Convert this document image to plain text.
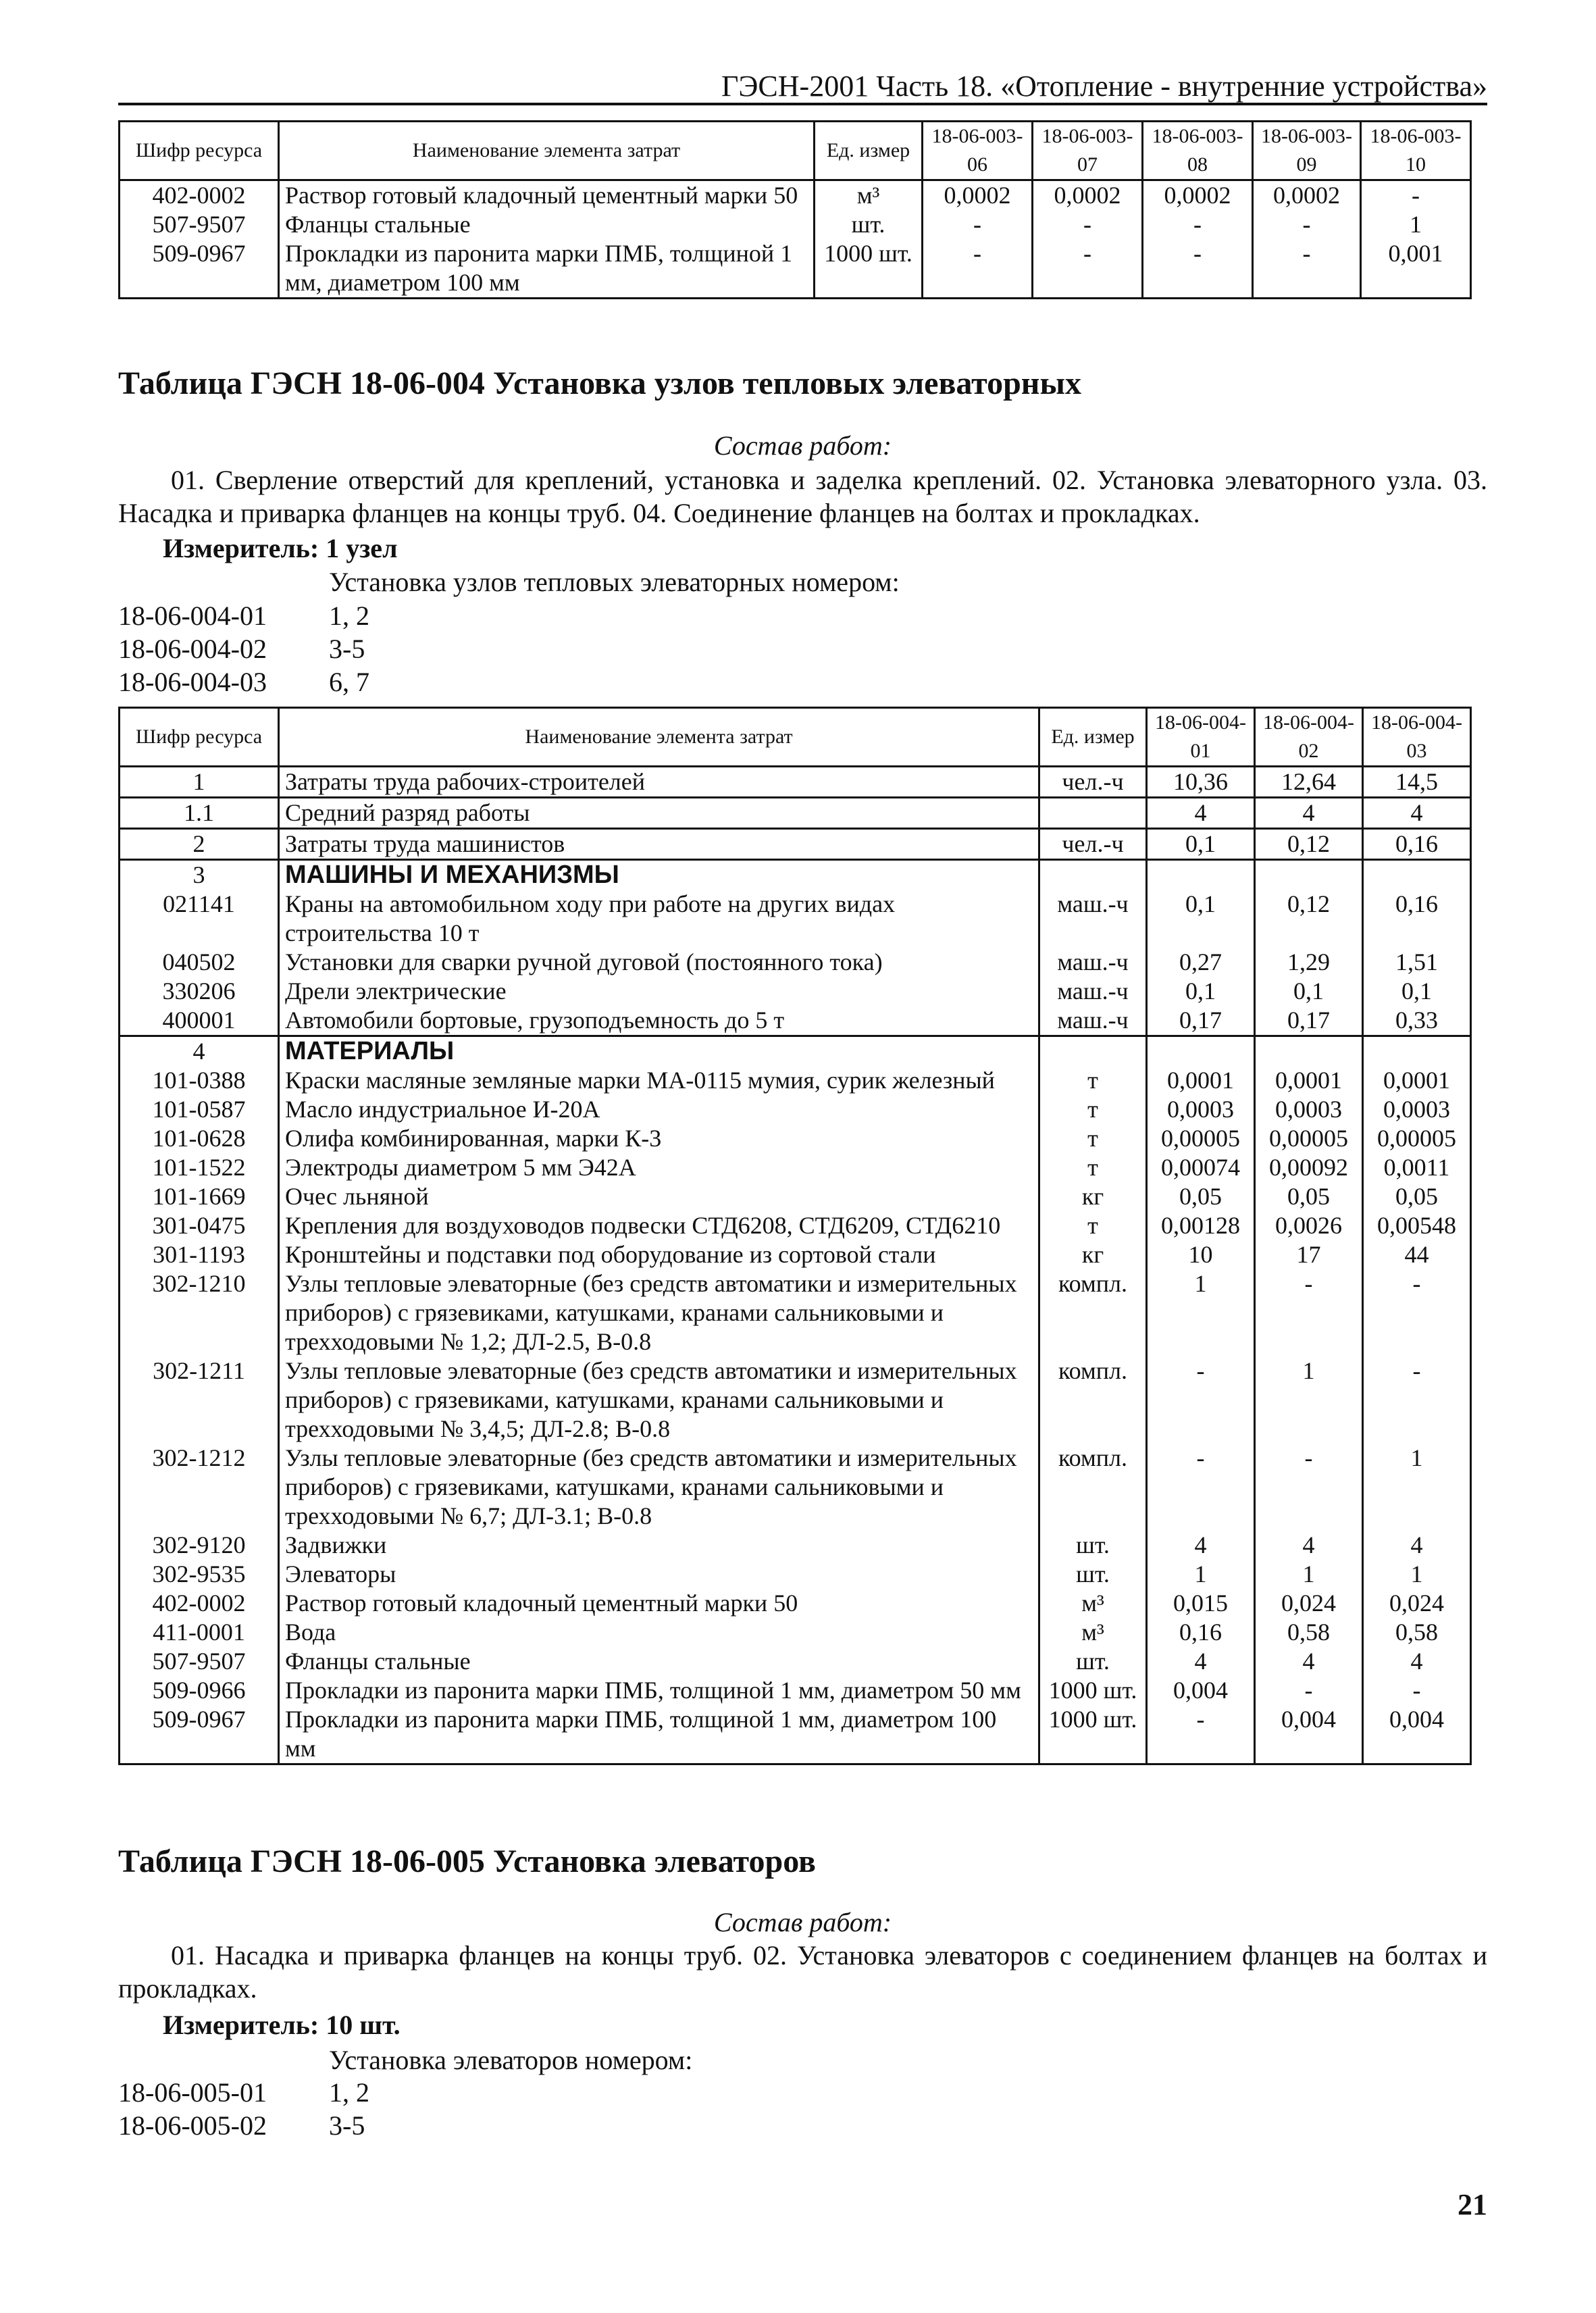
ГЭСН-2001 Часть 18. «Отопление - внутренние устройства»
Шифр ресурса	Наименование элемента затрат	Ед. измер	18-06-003-06	18-06-003-07	18-06-003-08	18-06-003-09	18-06-003-10
402-0002	Раствор готовый кладочный цементный марки 50	м³	0,0002	0,0002	0,0002	0,0002	-
507-9507	Фланцы стальные	шт.	-	-	-	-	1
509-0967	Прокладки из паронита марки ПМБ, толщиной 1 мм, диаметром 100 мм	1000 шт.	-	-	-	-	0,001
Таблица ГЭСН 18-06-004 Установка узлов тепловых элеваторных
Состав работ:
01. Сверление отверстий для креплений, установка и заделка креплений. 02. Установка элеваторного узла. 03. Насадка и приварка фланцев на концы труб. 04. Соединение фланцев на болтах и прокладках.
Измеритель: 1 узел
Установка узлов тепловых элеваторных номером:
18-06-004-01 1, 2
18-06-004-02 3-5
18-06-004-03 6, 7
Шифр ресурса	Наименование элемента затрат	Ед. измер	18-06-004-01	18-06-004-02	18-06-004-03
1	Затраты труда рабочих-строителей	чел.-ч	10,36	12,64	14,5
1.1	Средний разряд работы		4	4	4
2	Затраты труда машинистов	чел.-ч	0,1	0,12	0,16
3	МАШИНЫ И МЕХАНИЗМЫ				
021141	Краны на автомобильном ходу при работе на других видах строительства 10 т	маш.-ч	0,1	0,12	0,16
040502	Установки для сварки ручной дуговой (постоянного тока)	маш.-ч	0,27	1,29	1,51
330206	Дрели электрические	маш.-ч	0,1	0,1	0,1
400001	Автомобили бортовые, грузоподъемность до 5 т	маш.-ч	0,17	0,17	0,33
4	МАТЕРИАЛЫ				
101-0388	Краски масляные земляные марки МА-0115 мумия, сурик железный	т	0,0001	0,0001	0,0001
101-0587	Масло индустриальное И-20А	т	0,0003	0,0003	0,0003
101-0628	Олифа комбинированная, марки К-3	т	0,00005	0,00005	0,00005
101-1522	Электроды диаметром 5 мм Э42А	т	0,00074	0,00092	0,0011
101-1669	Очес льняной	кг	0,05	0,05	0,05
301-0475	Крепления для воздуховодов подвески СТД6208, СТД6209, СТД6210	т	0,00128	0,0026	0,00548
301-1193	Кронштейны и подставки под оборудование из сортовой стали	кг	10	17	44
302-1210	Узлы тепловые элеваторные (без средств автоматики и измерительных приборов) с грязевиками, катушками, кранами сальниковыми и трехходовыми № 1,2; ДЛ-2.5, В-0.8	компл.	1	-	-
302-1211	Узлы тепловые элеваторные (без средств автоматики и измерительных приборов) с грязевиками, катушками, кранами сальниковыми и трехходовыми № 3,4,5; ДЛ-2.8; В-0.8	компл.	-	1	-
302-1212	Узлы тепловые элеваторные (без средств автоматики и измерительных приборов) с грязевиками, катушками, кранами сальниковыми и трехходовыми № 6,7; ДЛ-3.1; В-0.8	компл.	-	-	1
302-9120	Задвижки	шт.	4	4	4
302-9535	Элеваторы	шт.	1	1	1
402-0002	Раствор готовый кладочный цементный марки 50	м³	0,015	0,024	0,024
411-0001	Вода	м³	0,16	0,58	0,58
507-9507	Фланцы стальные	шт.	4	4	4
509-0966	Прокладки из паронита марки ПМБ, толщиной 1 мм, диаметром 50 мм	1000 шт.	0,004	-	-
509-0967	Прокладки из паронита марки ПМБ, толщиной 1 мм, диаметром 100 мм	1000 шт.	-	0,004	0,004
Таблица ГЭСН 18-06-005 Установка элеваторов
Состав работ:
01. Насадка и приварка фланцев на концы труб. 02. Установка элеваторов с соединением фланцев на болтах и прокладках.
Измеритель: 10 шт.
Установка элеваторов номером:
18-06-005-01 1, 2
18-06-005-02 3-5
21
